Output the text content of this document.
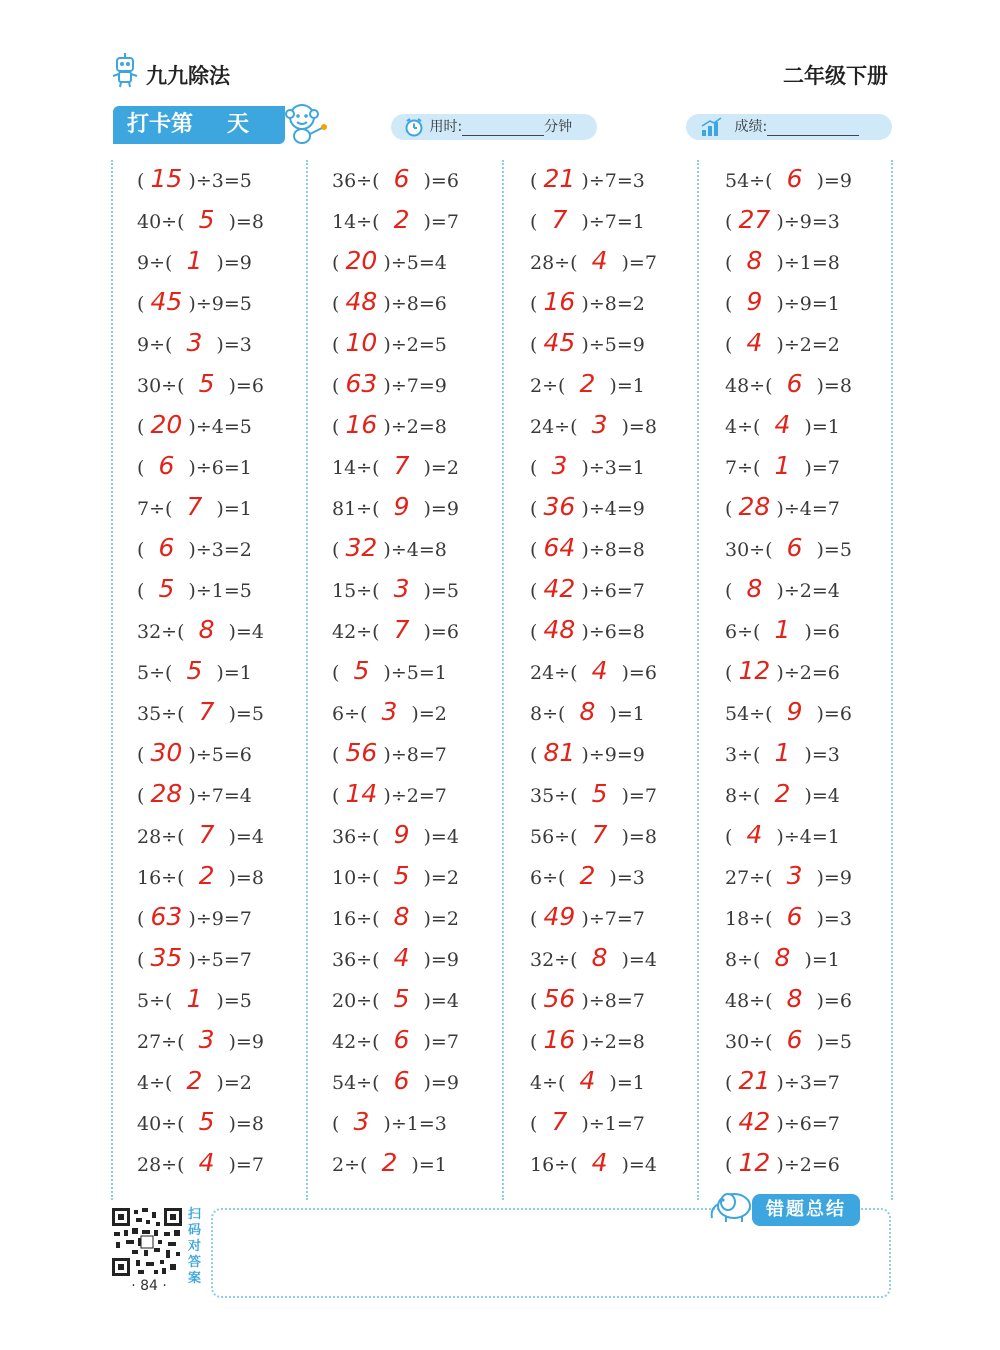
九九除法	二年级下册
打卡第 天	用时:	分钟	成绩:
( 15 )÷3=5
40÷( 5 )=8
9÷( 1 )=9
( 45 )÷9=5
9÷( 3 )=3
30÷( 5 )=6
( 20 )÷4=5
( 6 )÷6=1
7÷( 7 )=1
( 6 )÷3=2
( 5 )÷1=5
32÷( 8 )=4
5÷( 5 )=1
35÷( 7 )=5
( 30 )÷5=6
( 28 )÷7=4
28÷( 7 )=4
16÷( 2 )=8
( 63 )÷9=7
( 35 )÷5=7
5÷( 1 )=5
27÷( 3 )=9
4÷( 2 )=2
40÷( 5 )=8
28÷( 4 )=7
36÷( 6 )=6
14÷( 2 )=7
( 20 )÷5=4
( 48 )÷8=6
( 10 )÷2=5
( 63 )÷7=9
( 16 )÷2=8
14÷( 7 )=2
81÷( 9 )=9
( 32 )÷4=8
15÷( 3 )=5
42÷( 7 )=6
( 5 )÷5=1
6÷( 3 )=2
( 56 )÷8=7
( 14 )÷2=7
36÷( 9 )=4
10÷( 5 )=2
16÷( 8 )=2
36÷( 4 )=9
20÷( 5 )=4
42÷( 6 )=7
54÷( 6 )=9
( 3 )÷1=3
2÷( 2 )=1
( 21 )÷7=3
( 7 )÷7=1
28÷( 4 )=7
( 16 )÷8=2
( 45 )÷5=9
2÷( 2 )=1
24÷( 3 )=8
( 3 )÷3=1
( 36 )÷4=9
( 64 )÷8=8
( 42 )÷6=7
( 48 )÷6=8
24÷( 4 )=6
8÷( 8 )=1
( 81 )÷9=9
35÷( 5 )=7
56÷( 7 )=8
6÷( 2 )=3
( 49 )÷7=7
32÷( 8 )=4
( 56 )÷8=7
( 16 )÷2=8
4÷( 4 )=1
( 7 )÷1=7
16÷( 4 )=4
54÷( 6 )=9
( 27 )÷9=3
( 8 )÷1=8
( 9 )÷9=1
( 4 )÷2=2
48÷( 6 )=8
4÷( 4 )=1
7÷( 1 )=7
( 28 )÷4=7
30÷( 6 )=5
( 8 )÷2=4
6÷( 1 )=6
( 12 )÷2=6
54÷( 9 )=6
3÷( 1 )=3
8÷( 2 )=4
( 4 )÷4=1
27÷( 3 )=9
18÷( 6 )=3
8÷( 8 )=1
48÷( 8 )=6
30÷( 6 )=5
( 21 )÷3=7
( 42 )÷6=7
( 12 )÷2=6
扫码对答案
· 84 ·
错题总结
